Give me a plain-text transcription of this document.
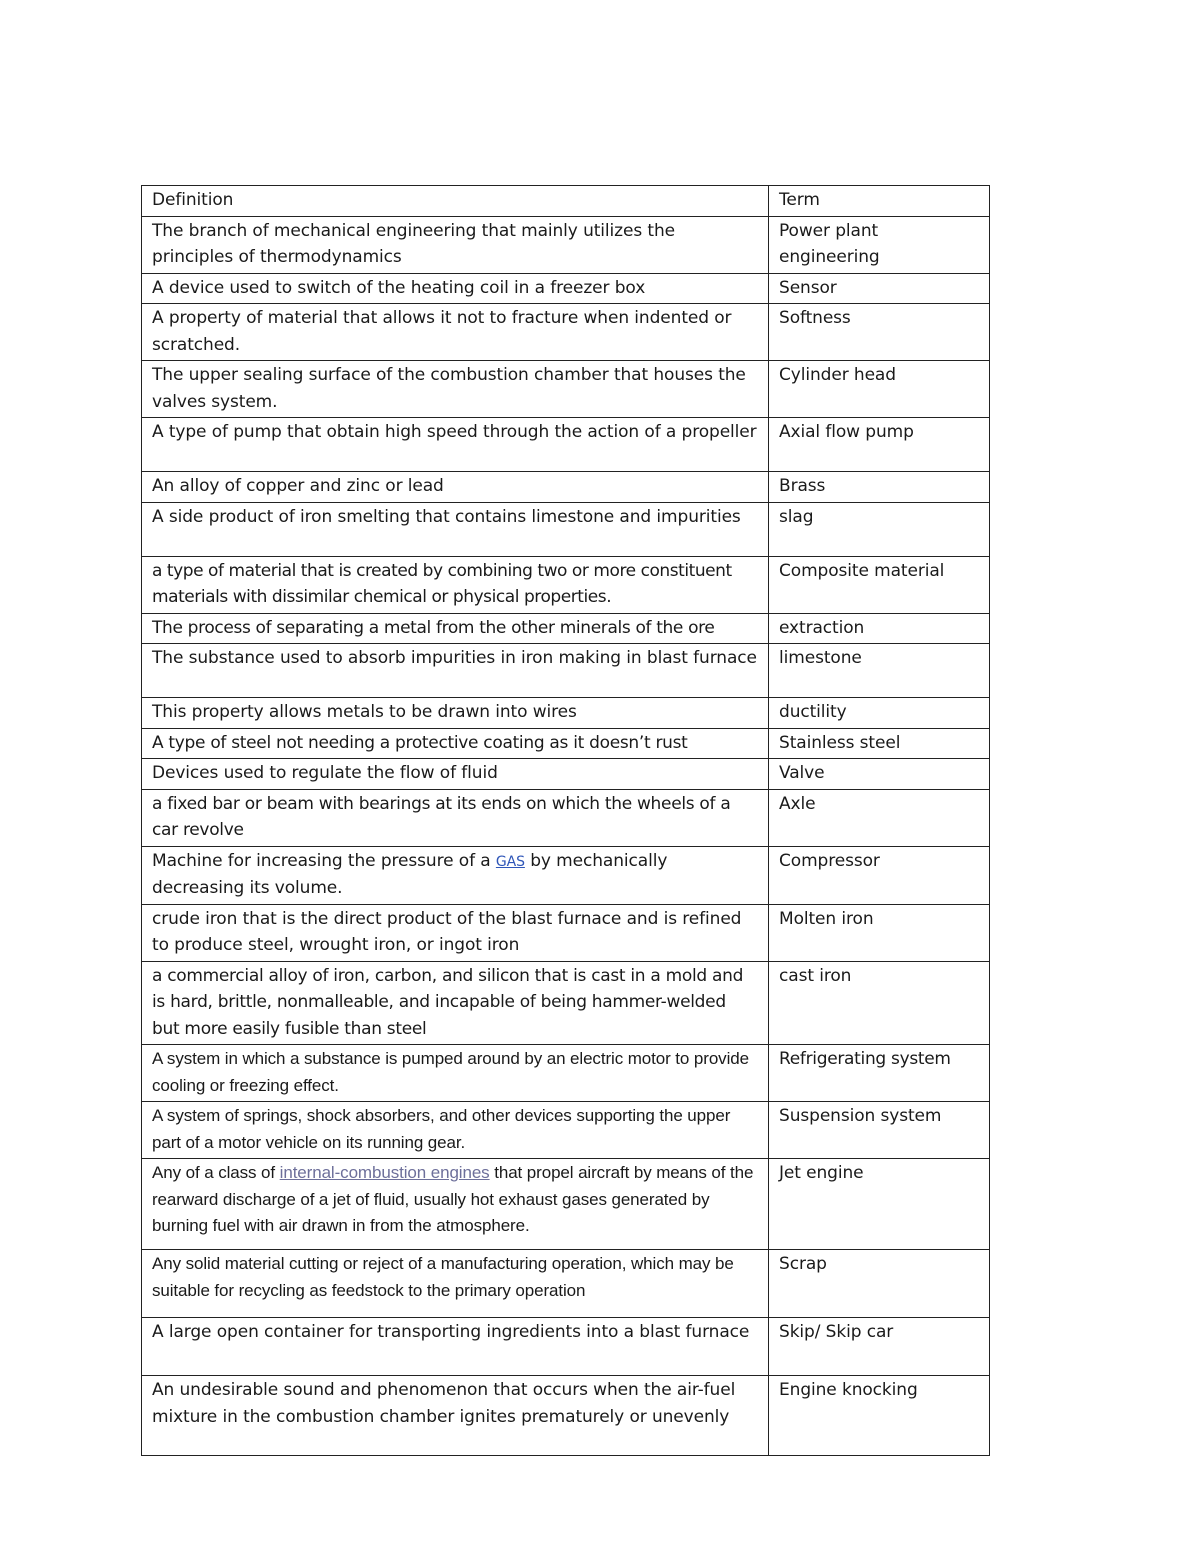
Definition	Term
The branch of mechanical engineering that mainly utilizes the principles of thermodynamics	Power plant engineering
A device used to switch of the heating coil in a freezer box	Sensor
A property of material that allows it not to fracture when indented or scratched.	Softness
The upper sealing surface of the combustion chamber that houses the valves system.	Cylinder head
A type of pump that obtain high speed through the action of a propeller	Axial flow pump
An alloy of copper and zinc or lead	Brass
A side product of iron smelting that contains limestone and impurities	slag
a type of material that is created by combining two or more constituent materials with dissimilar chemical or physical properties.	Composite material
The process of separating a metal from the other minerals of the ore	extraction
The substance used to absorb impurities in iron making in blast furnace	limestone
This property allows metals to be drawn into wires	ductility
A type of steel not needing a protective coating as it doesn’t rust	Stainless steel
Devices used to regulate the flow of fluid	Valve
a fixed bar or beam with bearings at its ends on which the wheels of a car revolve	Axle
Machine for increasing the pressure of a GAS by mechanically decreasing its volume.	Compressor
crude iron that is the direct product of the blast furnace and is refined to produce steel, wrought iron, or ingot iron	Molten iron
a commercial alloy of iron, carbon, and silicon that is cast in a mold and is hard, brittle, nonmalleable, and incapable of being hammer-welded but more easily fusible than steel	cast iron
A system in which a substance is pumped around by an electric motor to provide cooling or freezing effect.	Refrigerating system
A system of springs, shock absorbers, and other devices supporting the upper part of a motor vehicle on its running gear.	Suspension system
Any of a class of internal-combustion engines that propel aircraft by means of the rearward discharge of a jet of fluid, usually hot exhaust gases generated by burning fuel with air drawn in from the atmosphere.	Jet engine
Any solid material cutting or reject of a manufacturing operation, which may be suitable for recycling as feedstock to the primary operation	Scrap
A large open container for transporting ingredients into a blast furnace	Skip/ Skip car
An undesirable sound and phenomenon that occurs when the air-fuel mixture in the combustion chamber ignites prematurely or unevenly	Engine knocking
